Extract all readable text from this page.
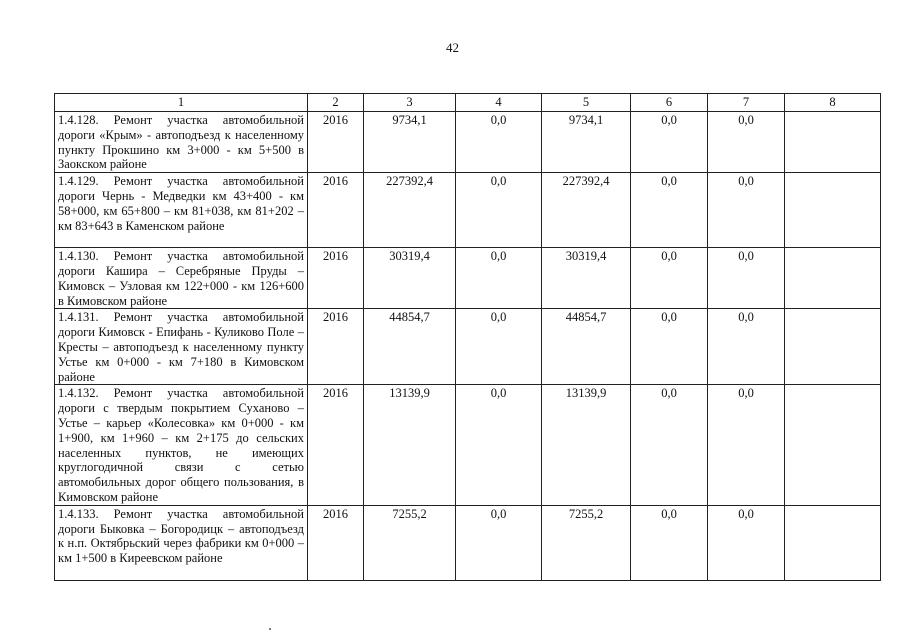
42
1	2	3	4	5	6	7	8
1.4.128. Ремонт участка автомобильной дороги «Крым» - автоподъезд к населенному пункту Прокшино км 3+000 - км 5+500 в Заокском районе	2016	9734,1	0,0	9734,1	0,0	0,0	
1.4.129. Ремонт участка автомобильной дороги Чернь - Медведки км 43+400 - км 58+000, км 65+800 – км 81+038, км 81+202 – км 83+643 в Каменском районе	2016	227392,4	0,0	227392,4	0,0	0,0	
1.4.130. Ремонт участка автомобильной дороги Кашира – Серебряные Пруды – Кимовск – Узловая км 122+000 - км 126+600 в Кимовском районе	2016	30319,4	0,0	30319,4	0,0	0,0	
1.4.131. Ремонт участка автомобильной дороги Кимовск - Епифань - Куликово Поле – Кресты – автоподъезд к населенному пункту Устье км 0+000 - км 7+180 в Кимовском районе	2016	44854,7	0,0	44854,7	0,0	0,0	
1.4.132. Ремонт участка автомобильной дороги с твердым покрытием Суханово – Устье – карьер «Колесовка» км 0+000 - км 1+900, км 1+960 – км 2+175 до сельских населенных пунктов, не имеющих круглогодичной связи с сетью автомобильных дорог общего пользования, в Кимовском районе	2016	13139,9	0,0	13139,9	0,0	0,0	
1.4.133. Ремонт участка автомобильной дороги Быковка – Богородицк – автоподъезд к н.п. Октябрьский через фабрики км 0+000 – км 1+500 в Киреевском районе	2016	7255,2	0,0	7255,2	0,0	0,0	
